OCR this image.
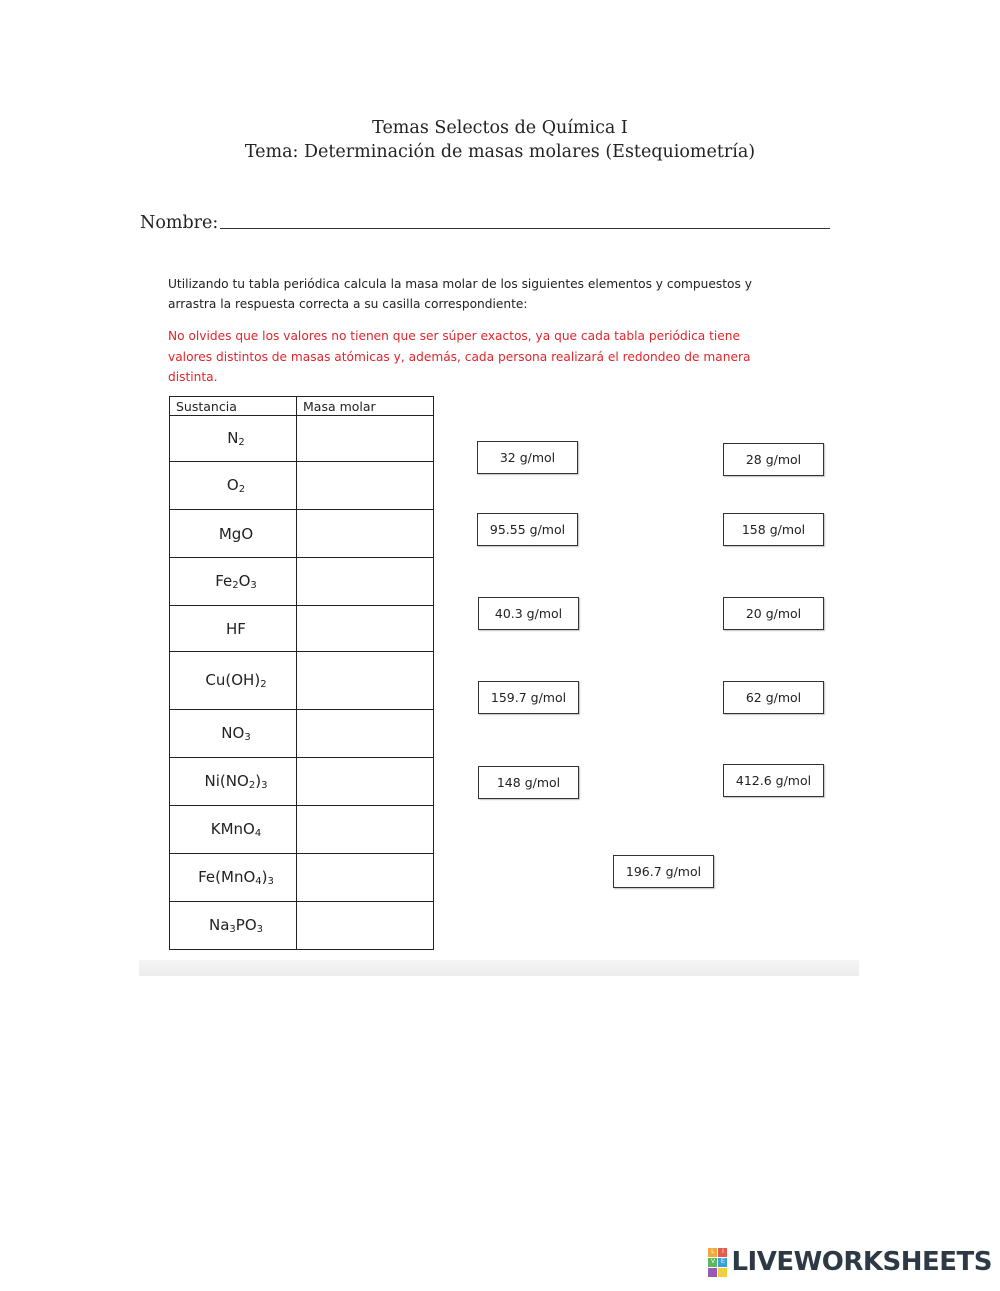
Temas Selectos de Química I
Tema: Determinación de masas molares (Estequiometría)
Nombre:
Utilizando tu tabla periódica calcula la masa molar de los siguientes elementos y compuestos y
arrastra la respuesta correcta a su casilla correspondiente:
No olvides que los valores no tienen que ser súper exactos, ya que cada tabla periódica tiene
valores distintos de masas atómicas y, además, cada persona realizará el redondeo de manera
distinta.
Sustancia	Masa molar
$N_2$	
$O_2$	
MgO	
$Fe_2O_3$	
HF	
$Cu(OH)_2$	
$NO_3$	
$Ni(NO_2)_3$	
KMnO$_4$	
$Fe(MnO_4)_3$	
$Na_3PO_3$	
32 g/mol	28 g/mol
95.55 g/mol	158 g/mol
40.3 g/mol	20 g/mol
159.7 g/mol	62 g/mol
148 g/mol	412.6 g/mol
196.7 g/mol
L	I
V E LIVEWORKSHEETS
